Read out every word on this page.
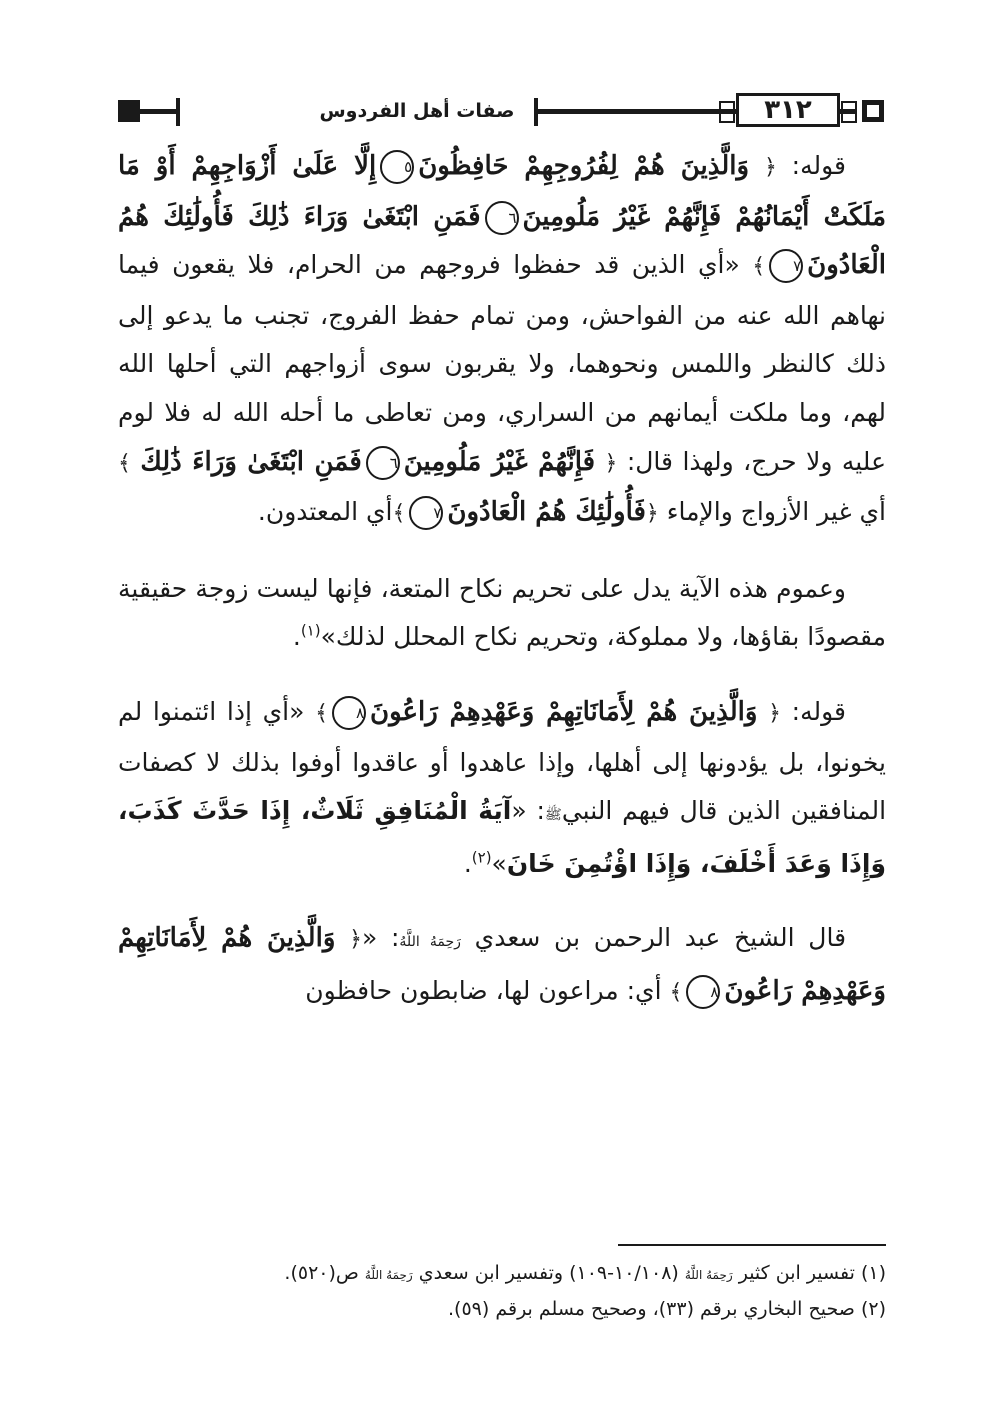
صفات أهل الفردوس	٣١٢

قوله: ﴿ وَالَّذِينَ هُمْ لِفُرُوجِهِمْ حَافِظُونَ٥إِلَّا عَلَىٰ أَزْوَاجِهِمْ أَوْ مَا مَلَكَتْ أَيْمَانُهُمْ فَإِنَّهُمْ غَيْرُ مَلُومِينَ٦فَمَنِ ابْتَغَىٰ وَرَاءَ ذَٰلِكَ فَأُولَٰئِكَ هُمُ الْعَادُونَ٧﴾ «أي الذين قد حفظوا فروجهم من الحرام، فلا يقعون فيما نهاهم الله عنه من الفواحش، ومن تمام حفظ الفروج، تجنب ما يدعو إلى ذلك كالنظر واللمس ونحوهما، ولا يقربون سوى أزواجهم التي أحلها الله لهم، وما ملكت أيمانهم من السراري، ومن تعاطى ما أحله الله له فلا لوم عليه ولا حرج، ولهذا قال: ﴿ فَإِنَّهُمْ غَيْرُ مَلُومِينَ٦فَمَنِ ابْتَغَىٰ وَرَاءَ ذَٰلِكَ ﴾ أي غير الأزواج والإماء ﴿فَأُولَٰئِكَ هُمُ الْعَادُونَ٧﴾أي المعتدون.

وعموم هذه الآية يدل على تحريم نكاح المتعة، فإنها ليست زوجة حقيقية مقصودًا بقاؤها، ولا مملوكة، وتحريم نكاح المحلل لذلك»$^{(١)}$.

قوله: ﴿ وَالَّذِينَ هُمْ لِأَمَانَاتِهِمْ وَعَهْدِهِمْ رَاعُونَ٨﴾ «أي إذا ائتمنوا لم يخونوا، بل يؤدونها إلى أهلها، وإذا عاهدوا أو عاقدوا أوفوا بذلك لا كصفات المنافقين الذين قال فيهم النبيﷺ: «آيَةُ الْمُنَافِقِ ثَلَاثٌ، إِذَا حَدَّثَ كَذَبَ، وَإِذَا وَعَدَ أَخْلَفَ، وَإِذَا اؤْتُمِنَ خَانَ»$^{(٢)}$.

قال الشيخ عبد الرحمن بن سعدي رَحِمَهُ اللَّهُ: «﴿ وَالَّذِينَ هُمْ لِأَمَانَاتِهِمْ وَعَهْدِهِمْ رَاعُونَ٨﴾ أي: مراعون لها، ضابطون حافظون

(١) تفسير ابن كثير رَحِمَهُ اللَّهُ (١٠/١٠٨-١٠٩) وتفسير ابن سعدي رَحِمَهُ اللَّهُ ص(٥٢٠).
(٢) صحيح البخاري برقم (٣٣)، وصحيح مسلم برقم (٥٩).
